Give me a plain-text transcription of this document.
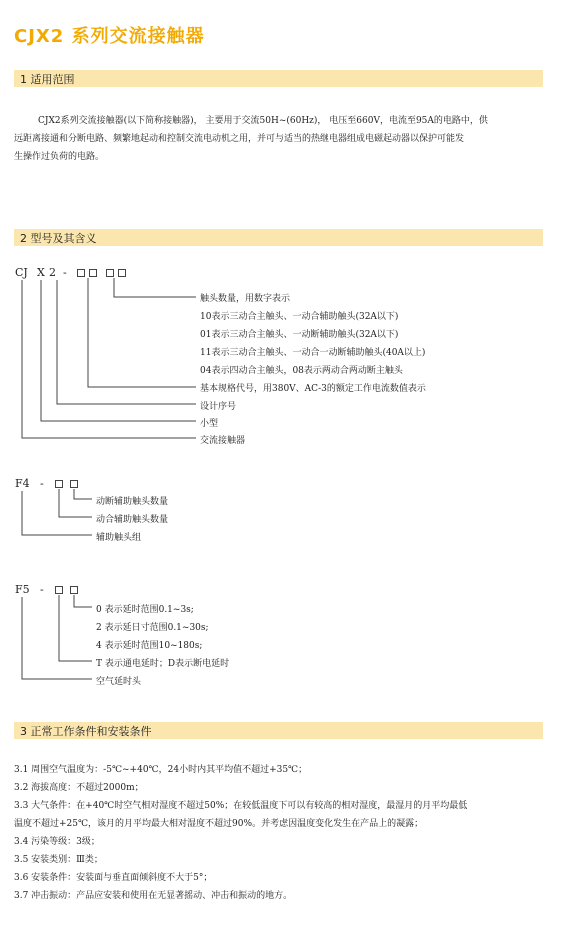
CJX2 系列交流接触器
1 适用范围
CJX2系列交流接触器(以下简称接触器)， 主要用于交流50H~(60Hz)， 电压至660V，电流至95A的电路中，供
远距离接通和分断电路、频繁地起动和控制交流电动机之用，并可与适当的热继电器组成电磁起动器以保护可能发
生操作过负荷的电路。
2 型号及其含义
CJ X 2 -
触头数量，用数字表示
10表示三动合主触头、一动合辅助触头(32A以下)
01表示三动合主触头、一动断辅助触头(32A以下)
11表示三动合主触头、一动合一动断辅助触头(40A以上)
04表示四动合主触头，08表示两动合两动断主触头
基本规格代号，用380V、AC-3的额定工作电流数值表示
设计序号
小型
交流接触器
F4 -
动断辅助触头数量
动合辅助触头数量
辅助触头组
F5 -
0 表示延时范围0.1~3s;
2 表示延日寸范围0.1~30s;
4 表示延时范围10~180s;
T 表示通电延时；D表示断电延时
空气延时头
3 正常工作条件和安装条件
3.1 周围空气温度为：-5℃~+40℃，24小时内其平均值不超过+35℃；
3.2 海拔高度：不超过2000m；
3.3 大气条件：在+40℃时空气相对湿度不超过50%；在较低温度下可以有较高的相对湿度，最湿月的月平均最低
温度不超过+25℃，该月的月平均最大相对湿度不超过90%。并考虑因温度变化发生在产品上的凝露；
3.4 污染等级：3级；
3.5 安装类别：Ⅲ类；
3.6 安装条件：安装面与垂直面倾斜度不大于5°；
3.7 冲击振动：产品应安装和使用在无显著摇动、冲击和振动的地方。
